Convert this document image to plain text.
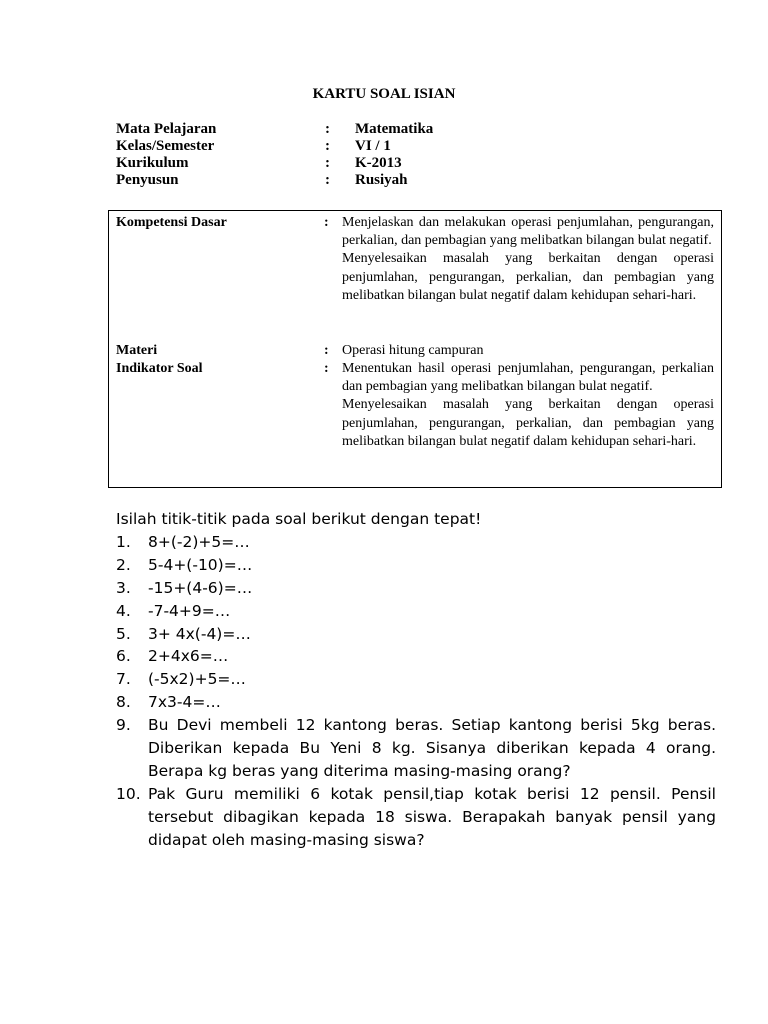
KARTU SOAL ISIAN
Mata Pelajaran	:	Matematika
Kelas/Semester	:	VI / 1
Kurikulum	:	K-2013
Penyusun	:	Rusiyah
Kompetensi Dasar	: Menjelaskan dan melakukan operasi penjumlahan, pengurangan, perkalian, dan pembagian yang melibatkan bilangan bulat negatif.

Menyelesaikan masalah yang berkaitan dengan operasi penjumlahan, pengurangan, perkalian, dan pembagian yang melibatkan bilangan bulat negatif dalam kehidupan sehari-hari.

Materi	: Operasi hitung campuran

Indikator Soal	: Menentukan hasil operasi penjumlahan, pengurangan, perkalian dan pembagian yang melibatkan bilangan bulat negatif.

Menyelesaikan masalah yang berkaitan dengan operasi penjumlahan, pengurangan, perkalian, dan pembagian yang melibatkan bilangan bulat negatif dalam kehidupan sehari-hari.

Isilah titik-titik pada soal berikut dengan tepat!

1.	8+(-2)+5=…
2.	5-4+(-10)=…
3.	-15+(4-6)=…
4.	-7-4+9=…
5.	3+ 4x(-4)=…
6.	2+4x6=…
7.	(-5x2)+5=…
8.	7x3-4=…
9.	Bu Devi membeli 12 kantong beras. Setiap kantong berisi 5kg beras. Diberikan kepada Bu Yeni 8 kg. Sisanya diberikan kepada 4 orang. Berapa kg beras yang diterima masing-masing orang?
10. Pak Guru memiliki 6 kotak pensil,tiap kotak berisi 12 pensil. Pensil tersebut dibagikan kepada 18 siswa. Berapakah banyak pensil yang didapat oleh masing-masing siswa?
